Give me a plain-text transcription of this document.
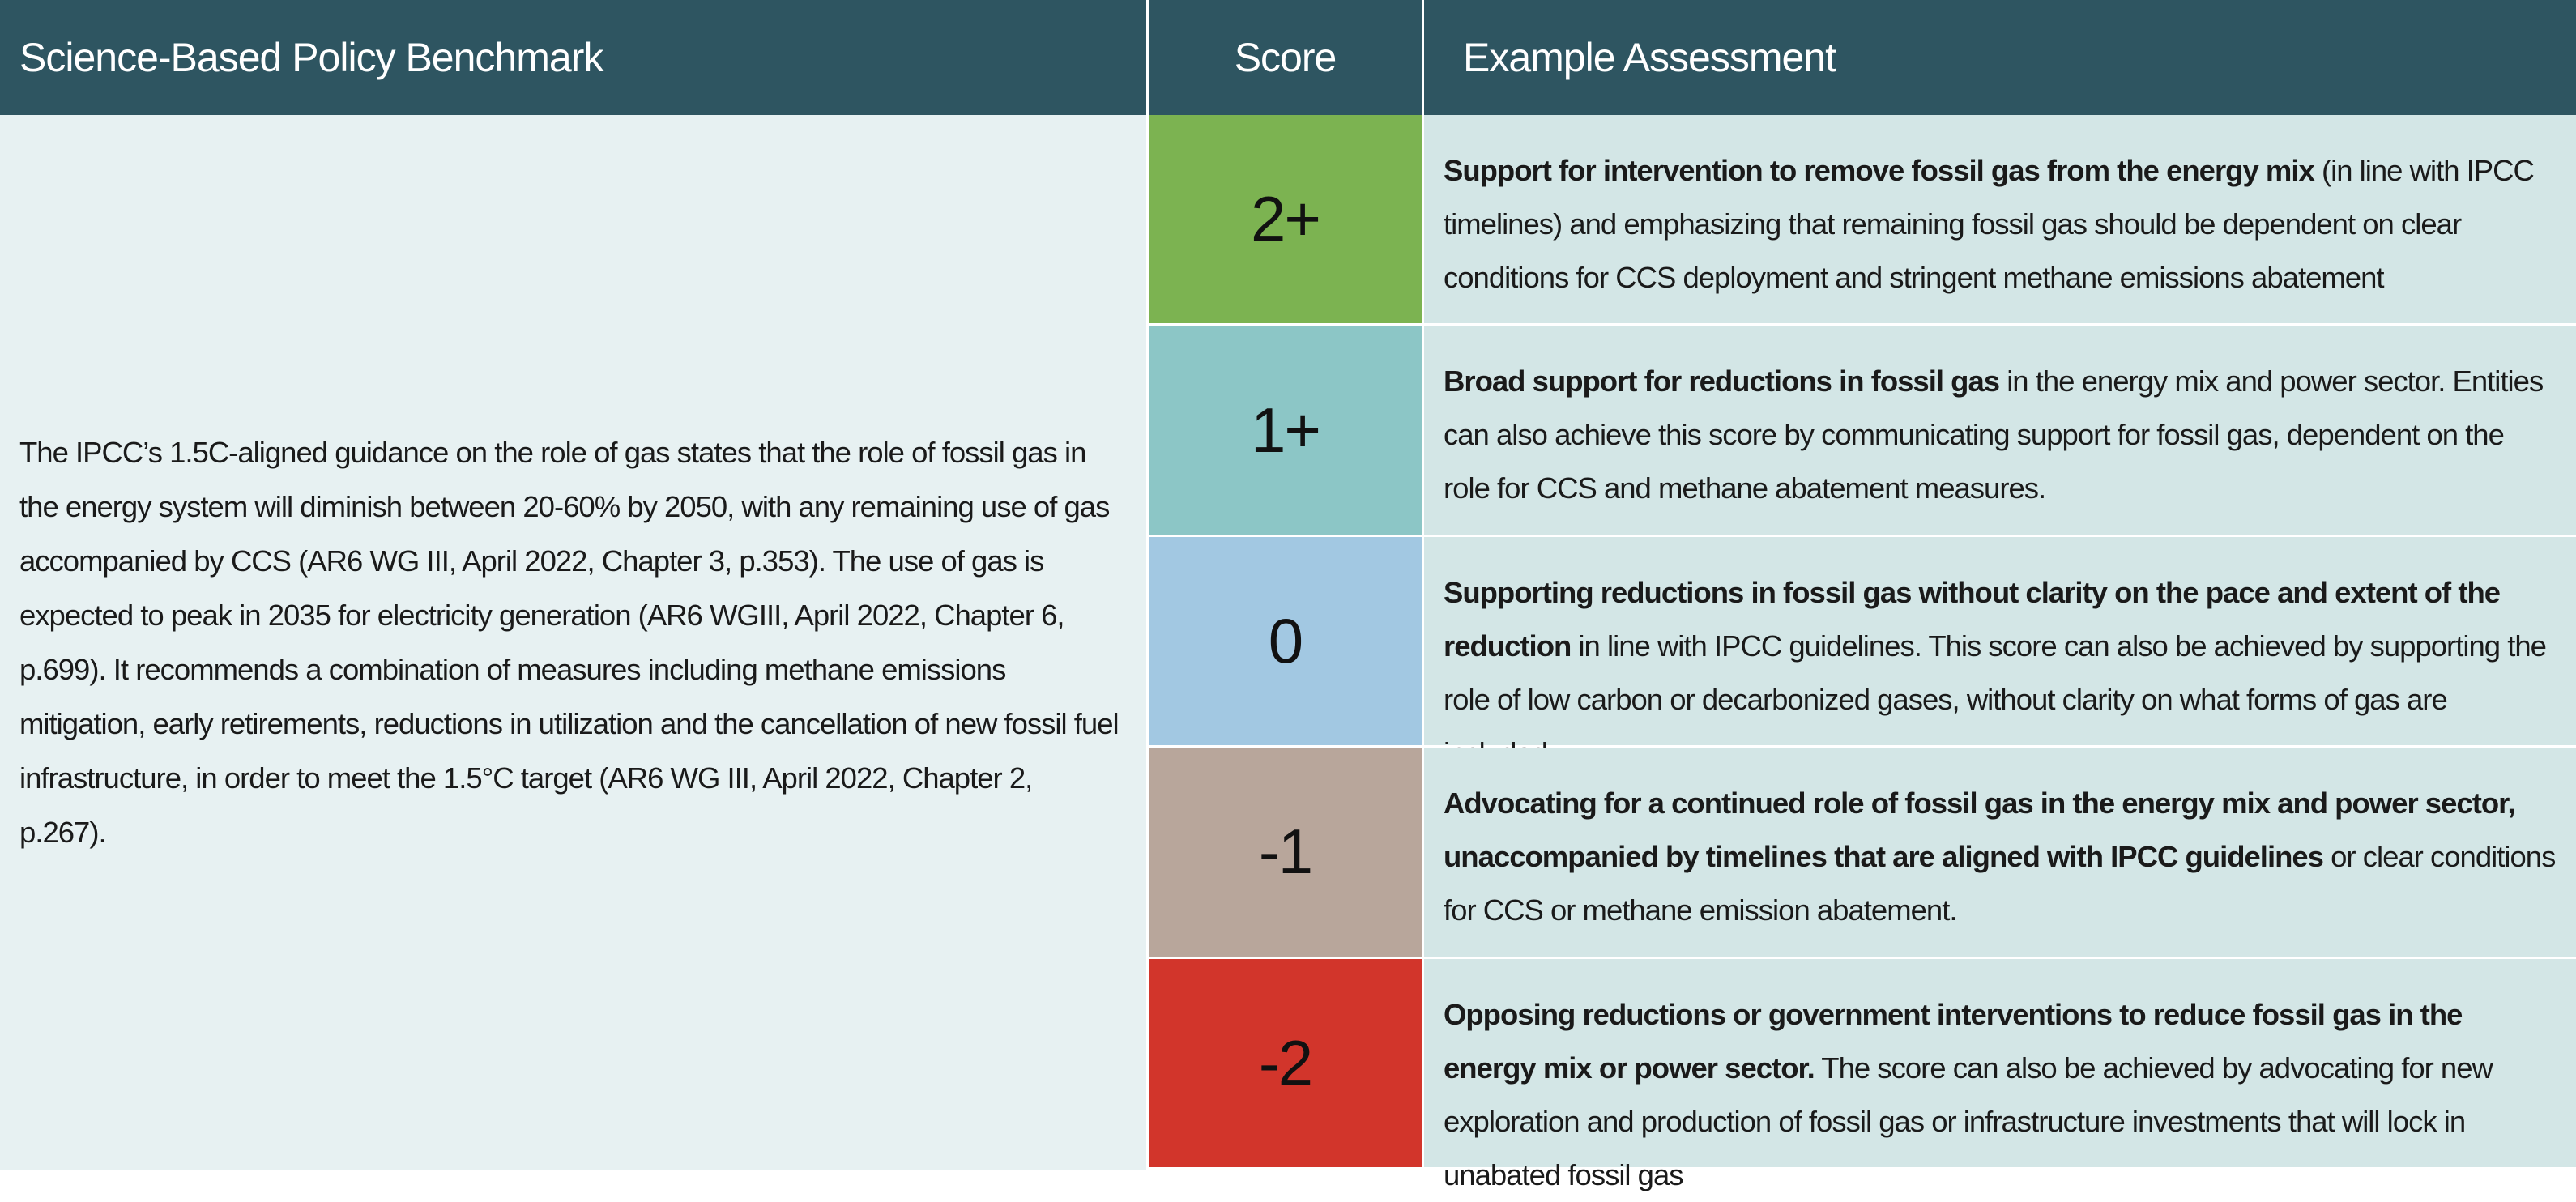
Science-Based Policy Benchmark	Score	Example Assessment

The IPCC’s 1.5C-aligned guidance on the role of gas states that the role of fossil gas in the energy system will diminish between 20-60% by 2050, with any remaining use of gas accompanied by CCS (AR6 WG III, April 2022, Chapter 3, p.353). The use of gas is expected to peak in 2035 for electricity generation (AR6 WGIII, April 2022, Chapter 6, p.699). It recommends a combination of measures including methane emissions mitigation, early retirements, reductions in utilization and the cancellation of new fossil fuel infrastructure, in order to meet the 1.5°C target (AR6 WG III, April 2022, Chapter 2, p.267).

2+

Support for intervention to remove fossil gas from the energy mix (in line with IPCC timelines) and emphasizing that remaining fossil gas should be dependent on clear conditions for CCS deployment and stringent methane emissions abatement

1+

Broad support for reductions in fossil gas in the energy mix and power sector. Entities can also achieve this score by communicating support for fossil gas, dependent on the role for CCS and methane abatement measures.

0

Supporting reductions in fossil gas without clarity on the pace and extent of the reduction in line with IPCC guidelines. This score can also be achieved by supporting the role of low carbon or decarbonized gases, without clarity on what forms of gas are

-1

Advocating for a continued role of fossil gas in the energy mix and power sector, unaccompanied by timelines that are aligned with IPCC guidelines or clear conditions for CCS or methane emission abatement.

-2

Opposing reductions or government interventions to reduce fossil gas in the energy mix or power sector. The score can also be achieved by advocating for new exploration and production of fossil gas or infrastructure investments that will lock in unabated fossil gas
